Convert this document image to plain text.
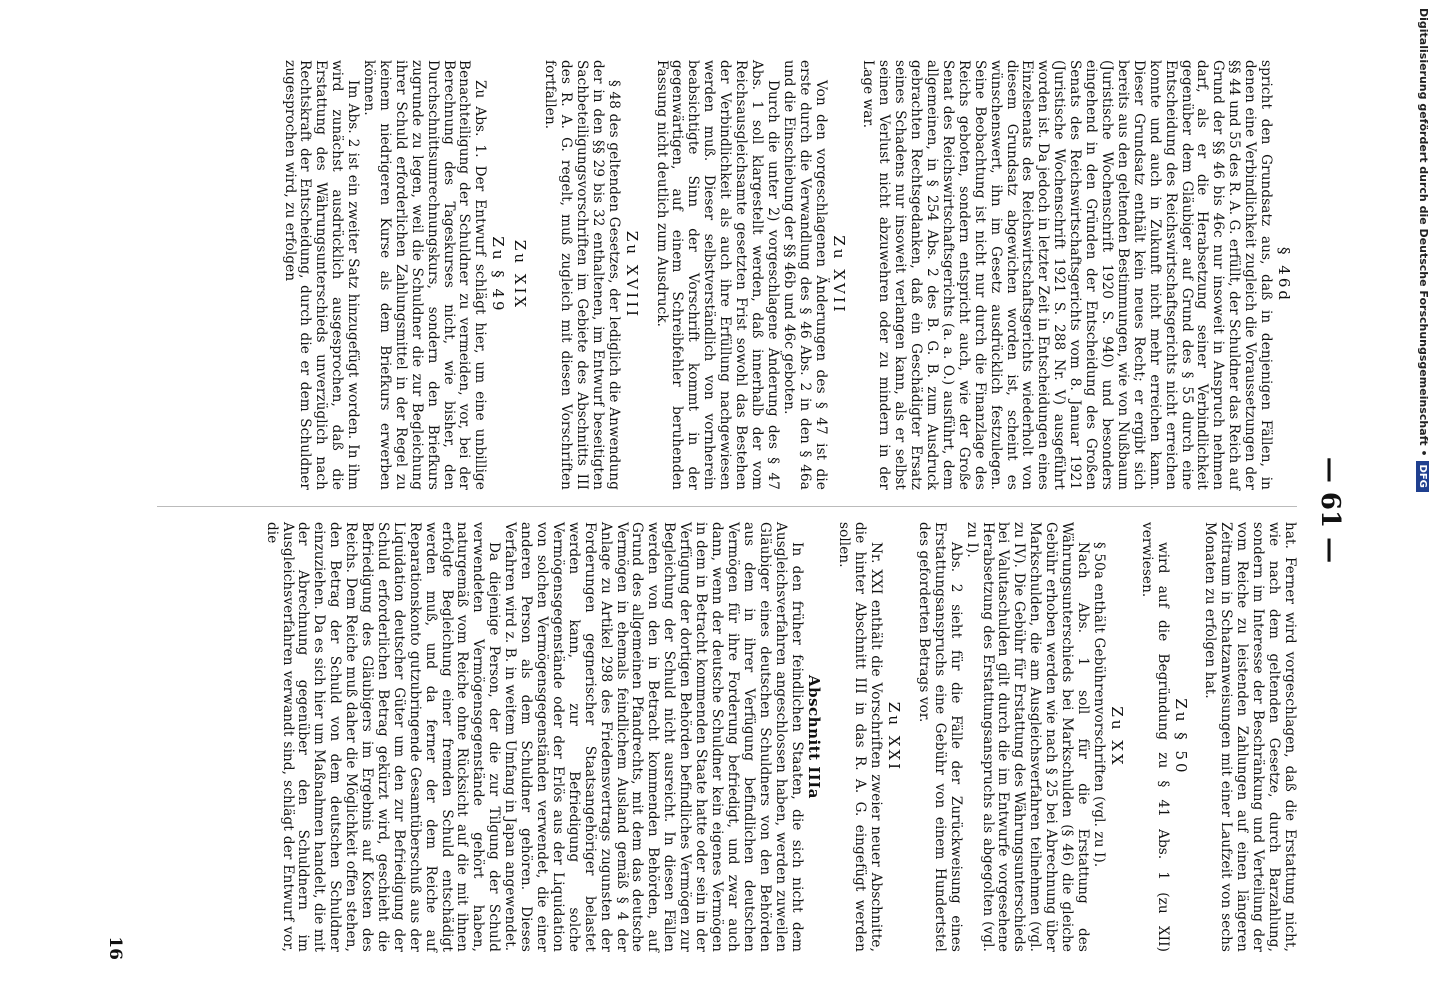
— 61 —
§ 46d

spricht den Grundsatz aus, daß in denjenigen Fällen, in denen eine Verbindlichkeit zugleich die Voraussetzungen der §§ 44 und 55 des R. A. G. erfüllt, der Schuldner das Reich auf Grund der §§ 46 bis 46c nur insoweit in Anspruch nehmen darf, als er die Herabsetzung seiner Verbindlichkeit gegenüber dem Gläubiger auf Grund des § 55 durch eine Entscheidung des Reichswirtschaftsgerichts nicht erreichen konnte und auch in Zukunft nicht mehr erreichen kann. Dieser Grundsatz enthält kein neues Recht; er ergibt sich bereits aus den geltenden Bestimmungen, wie von Nußbaum (Juristische Wochenschrift 1920 S. 940) und besonders eingehend in den Gründen der Entscheidung des Großen Senats des Reichswirtschaftsgerichts vom 8. Januar 1921 (Juristische Wochenschrift 1921 S. 288 Nr. V) ausgeführt worden ist. Da jedoch in letzter Zeit in Entscheidungen eines Einzelsenats des Reichswirtschaftsgerichts wiederholt von diesem Grundsatz abgewichen worden ist, scheint es wünschenswert, ihn im Gesetz ausdrücklich festzulegen. Seine Beobachtung ist nicht nur durch die Finanzlage des Reichs geboten, sondern entspricht auch, wie der Große Senat des Reichswirtschaftsgerichts (a. a. O.) ausführt, dem allgemeinen, in § 254 Abs. 2 des B. G. B. zum Ausdruck gebrachten Rechtsgedanken, daß ein Geschädigter Ersatz seines Schadens nur insoweit verlangen kann, als er selbst seinen Verlust nicht abzuwehren oder zu mindern in der Lage war.

Zu XVII

Von den vorgeschlagenen Änderungen des § 47 ist die erste durch die Verwandlung des § 46 Abs. 2 in den § 46a und die Einschiebung der §§ 46b und 46c geboten.

Durch die unter 2) vorgeschlagene Änderung des § 47 Abs. 1 soll klargestellt werden, daß innerhalb der vom Reichsausgleichsamte gesetzten Frist sowohl das Bestehen der Verbindlichkeit als auch ihre Erfüllung nachgewiesen werden muß. Dieser selbstverständlich von vornherein beabsichtigte Sinn der Vorschrift kommt in der gegenwärtigen, auf einem Schreibfehler beruhenden Fassung nicht deutlich zum Ausdruck.

Zu XVIII

§ 48 des geltenden Gesetzes, der lediglich die Anwendung der in den §§ 29 bis 32 enthaltenen, im Entwurf beseitigten Sachbeteiligungsvorschriften im Gebiete des Abschnitts III des R. A. G. regelt, muß zugleich mit diesen Vorschriften fortfallen.

Zu XIX
Zu § 49

Zu Abs. 1. Der Entwurf schlägt hier, um eine unbillige Benachteiligung der Schuldner zu vermeiden, vor, bei der Berechnung des Tageskurses nicht, wie bisher, den Durchschnittsumrechnungskurs, sondern den Briefkurs zugrunde zu legen, weil die Schuldner die zur Begleichung ihrer Schuld erforderlichen Zahlungsmittel in der Regel zu keinem niedrigeren Kurse als dem Briefkurs erwerben können.

Im Abs. 2 ist ein zweiter Satz hinzugefügt worden. In ihm wird zunächst ausdrücklich ausgesprochen, daß die Erstattung des Währungsunterschieds unverzüglich nach Rechtskraft der Entscheidung, durch die er dem Schuldner zugesprochen wird, zu erfolgen

hat. Ferner wird vorgeschlagen, daß die Erstattung nicht, wie nach dem geltenden Gesetze, durch Barzahlung, sondern im Interesse der Beschränkung und Verteilung der vom Reiche zu leistenden Zahlungen auf einen längeren Zeitraum in Schatzanweisungen mit einer Laufzeit von sechs Monaten zu erfolgen hat.

Zu § 50

wird auf die Begründung zu § 41 Abs. 1 (zu XII) verwiesen.

Zu XX

§ 50a enthält Gebührenvorschriften (vgl. zu I).

Nach Abs. 1 soll für die Erstattung des Währungsunterschieds bei Markschulden (§ 46) die gleiche Gebühr erhoben werden wie nach § 25 bei Abrechnung über Markschulden, die am Ausgleichsverfahren teilnehmen (vgl. zu IV). Die Gebühr für Erstattung des Währungsunterschieds bei Valutaschulden gilt durch die im Entwurfe vorgesehene Herabsetzung des Erstattungsanspruchs als abgegolten (vgl. zu I).

Abs. 2 sieht für die Fälle der Zurückweisung eines Erstattungsanspruchs eine Gebühr von einem Hundertstel des geforderten Betrags vor.

Zu XXI

Nr. XXI enthält die Vorschriften zweier neuer Abschnitte, die hinter Abschnitt III in das R. A. G. eingefügt werden sollen.

Abschnitt IIIa

In den früher feindlichen Staaten, die sich nicht dem Ausgleichsverfahren angeschlossen haben, werden zuweilen Gläubiger eines deutschen Schuldners von den Behörden aus dem in ihrer Verfügung befindlichen deutschen Vermögen für ihre Forderung befriedigt, und zwar auch dann, wenn der deutsche Schuldner kein eigenes Vermögen in dem in Betracht kommenden Staate hatte oder sein in der Verfügung der dortigen Behörden befindliches Vermögen zur Begleichung der Schuld nicht ausreicht. In diesen Fällen werden von den in Betracht kommenden Behörden, auf Grund des allgemeinen Pfandrechts, mit dem das deutsche Vermögen in ehemals feindlichem Ausland gemäß § 4 der Anlage zu Artikel 298 des Friedensvertrags zugunsten der Forderungen gegnerischer Staatsangehöriger belastet werden kann, zur Befriedigung solche Vermögensgegenstände oder der Erlös aus der Liquidation von solchen Vermögensgegenständen verwendet, die einer anderen Person als dem Schuldner gehören. Dieses Verfahren wird z. B. in weitem Umfang in Japan angewendet.

Da diejenige Person, der die zur Tilgung der Schuld verwendeten Vermögensgegenstände gehört haben, naturgemäß vom Reiche ohne Rücksicht auf die mit ihnen erfolgte Begleichung einer fremden Schuld entschädigt werden muß, und da ferner der dem Reiche auf Reparationskonto gutzubringende Gesamtüberschuß aus der Liquidation deutscher Güter um den zur Befriedigung der Schuld erforderlichen Betrag gekürzt wird, geschieht die Befriedigung des Gläubigers im Ergebnis auf Kosten des Reichs. Dem Reiche muß daher die Möglichkeit offen stehen, den Betrag der Schuld von dem deutschen Schuldner einzuziehen. Da es sich hier um Maßnahmen handelt, die mit der Abrechnung gegenüber den Schuldnern im Ausgleichsverfahren verwandt sind, schlägt der Entwurf vor, die

16
Digitalisierung gefördert durch die Deutsche Forschungsgemeinschaft •DFG
